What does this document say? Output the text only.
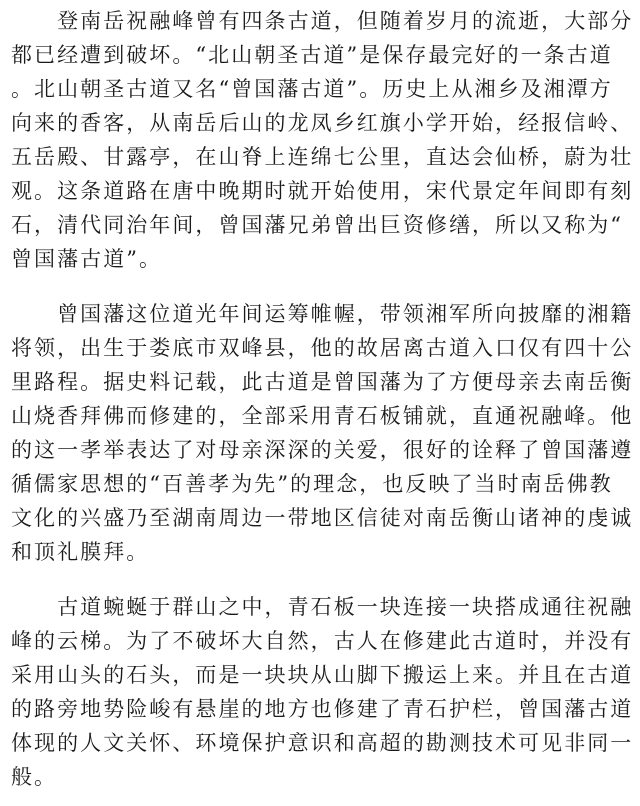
　　登南岳祝融峰曾有四条古道，但随着岁月的流逝，大部分
都已经遭到破坏。“北山朝圣古道”是保存最完好的一条古道
。北山朝圣古道又名“曾国藩古道”。历史上从湘乡及湘潭方
向来的香客，从南岳后山的龙凤乡红旗小学开始，经报信岭、
五岳殿、甘露亭，在山脊上连绵七公里，直达会仙桥，蔚为壮
观。这条道路在唐中晚期时就开始使用，宋代景定年间即有刻
石，清代同治年间，曾国藩兄弟曾出巨资修缮，所以又称为“
曾国藩古道”。
　　曾国藩这位道光年间运筹帷幄，带领湘军所向披靡的湘籍
将领，出生于娄底市双峰县，他的故居离古道入口仅有四十公
里路程。据史料记载，此古道是曾国藩为了方便母亲去南岳衡
山烧香拜佛而修建的，全部采用青石板铺就，直通祝融峰。他
的这一孝举表达了对母亲深深的关爱，很好的诠释了曾国藩遵
循儒家思想的“百善孝为先”的理念，也反映了当时南岳佛教
文化的兴盛乃至湖南周边一带地区信徒对南岳衡山诸神的虔诚
和顶礼膜拜。
　　古道蜿蜒于群山之中，青石板一块连接一块搭成通往祝融
峰的云梯。为了不破坏大自然，古人在修建此古道时，并没有
采用山头的石头，而是一块块从山脚下搬运上来。并且在古道
的路旁地势险峻有悬崖的地方也修建了青石护栏，曾国藩古道
体现的人文关怀、环境保护意识和高超的勘测技术可见非同一
般。
